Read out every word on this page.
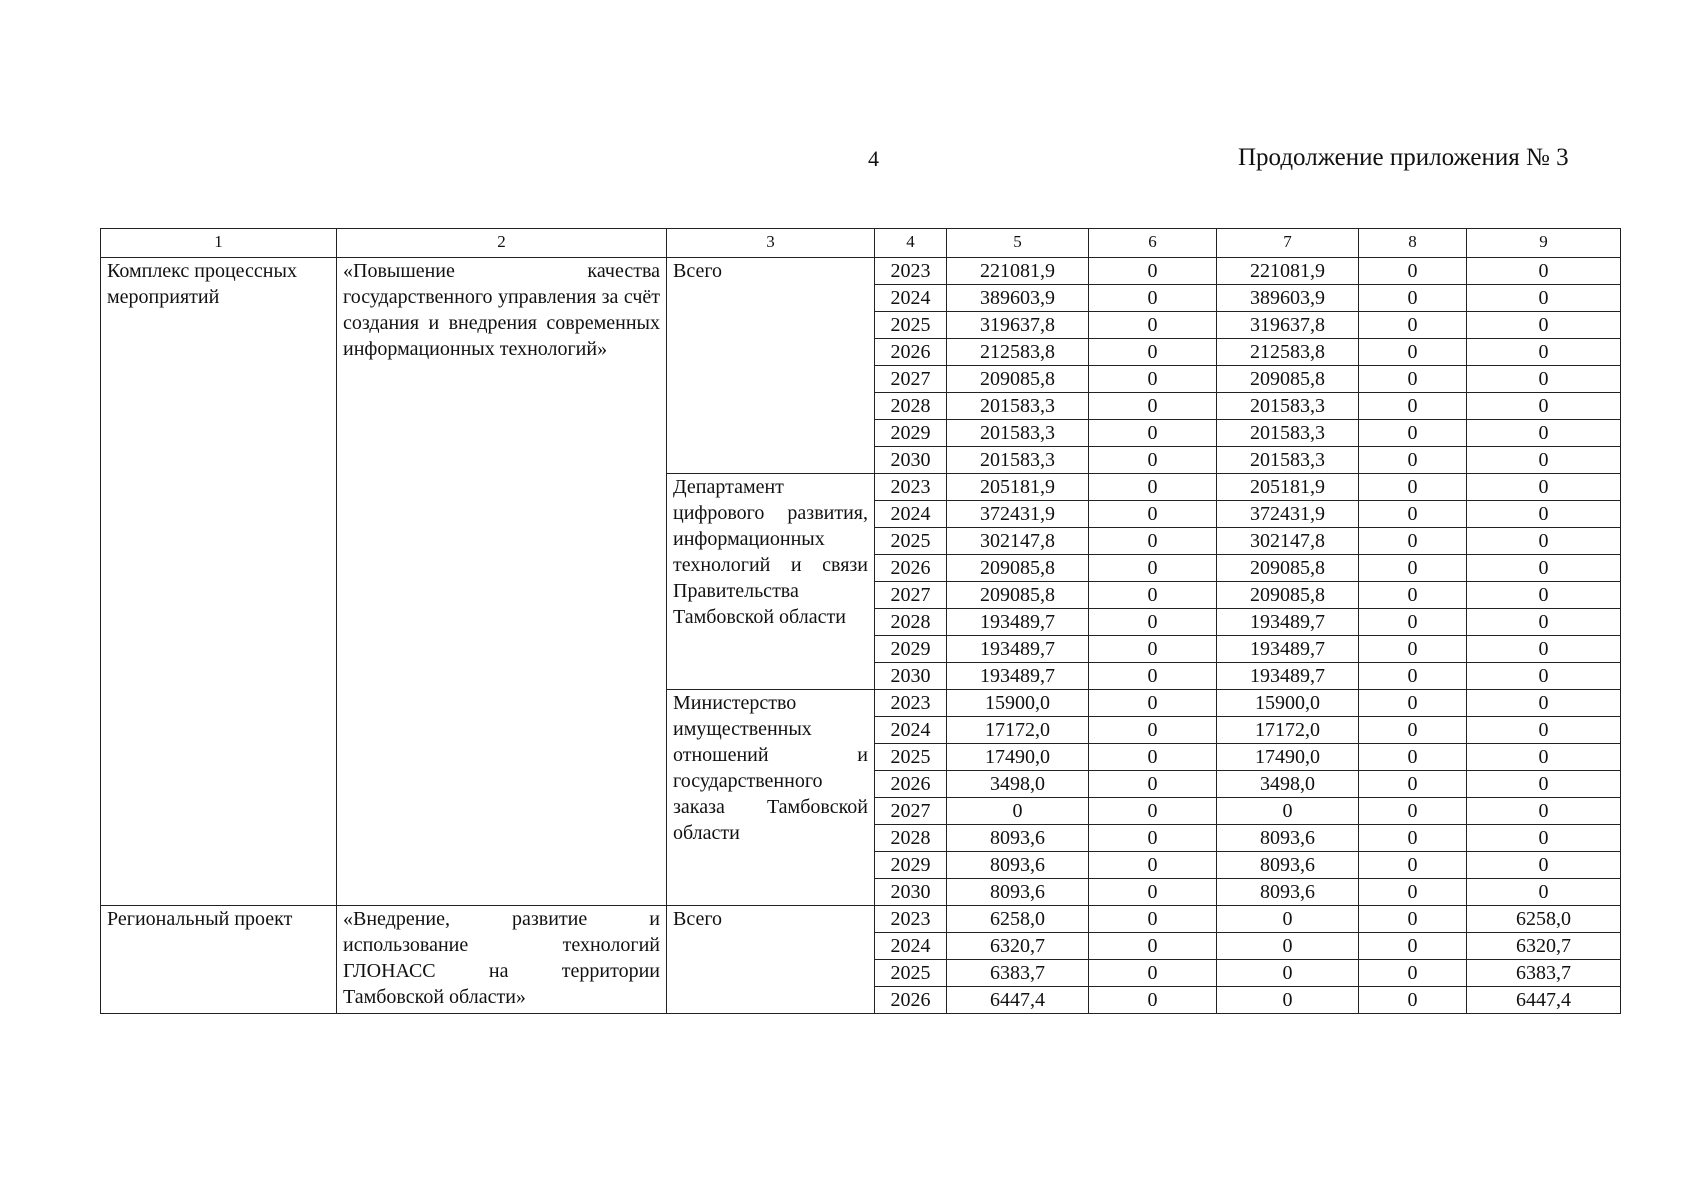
4	Продолжение приложения № 3
1	2	3	4	5	6	7	8	9
Комплекс процессных мероприятий	«Повышение качества государственного управления за счёт создания и внедрения современных информационных технологий»	Всего	2023	221081,9	0	221081,9	0	0
			2024	389603,9	0	389603,9	0	0
			2025	319637,8	0	319637,8	0	0
			2026	212583,8	0	212583,8	0	0
			2027	209085,8	0	209085,8	0	0
			2028	201583,3	0	201583,3	0	0
			2029	201583,3	0	201583,3	0	0
			2030	201583,3	0	201583,3	0	0
		Департамент цифрового развития, информационных технологий и связи Правительства Тамбовской области	2023	205181,9	0	205181,9	0	0
			2024	372431,9	0	372431,9	0	0
			2025	302147,8	0	302147,8	0	0
			2026	209085,8	0	209085,8	0	0
			2027	209085,8	0	209085,8	0	0
			2028	193489,7	0	193489,7	0	0
			2029	193489,7	0	193489,7	0	0
			2030	193489,7	0	193489,7	0	0
		Министерство имущественных отношений и государственного заказа Тамбовской области	2023	15900,0	0	15900,0	0	0
			2024	17172,0	0	17172,0	0	0
			2025	17490,0	0	17490,0	0	0
			2026	3498,0	0	3498,0	0	0
			2027	0	0	0	0	0
			2028	8093,6	0	8093,6	0	0
			2029	8093,6	0	8093,6	0	0
			2030	8093,6	0	8093,6	0	0
Региональный проект	«Внедрение, развитие и использование технологий ГЛОНАСС на территории Тамбовской области»	Всего	2023	6258,0	0	0	0	6258,0
			2024	6320,7	0	0	0	6320,7
			2025	6383,7	0	0	0	6383,7
			2026	6447,4	0	0	0	6447,4
